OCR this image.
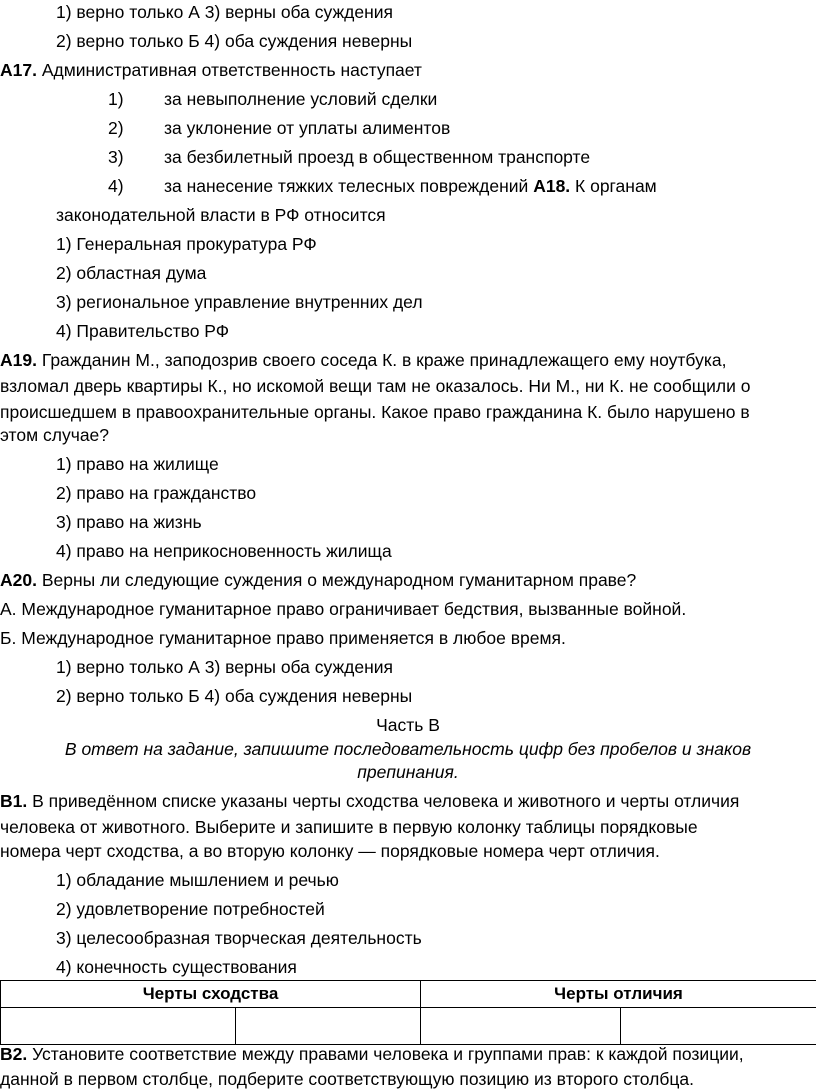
1) верно только А 3) верны оба суждения
2) верно только Б 4) оба суждения неверны
А17. Административная ответственность наступает
1) за невыполнение условий сделки
2) за уклонение от уплаты алиментов
3) за безбилетный проезд в общественном транспорте
4) за нанесение тяжких телесных повреждений А18. К органам
законодательной власти в РФ относится
1) Генеральная прокуратура РФ
2) областная дума
3) региональное управление внутренних дел
4) Правительство РФ
А19. Гражданин М., заподозрив своего соседа К. в краже принадлежащего ему ноутбука,
взломал дверь квартиры К., но искомой вещи там не оказалось. Ни М., ни К. не сообщили о
происшедшем в правоохранительные органы. Какое право гражданина К. было нарушено в
этом случае?
1) право на жилище
2) право на гражданство
3) право на жизнь
4) право на неприкосновенность жилища
А20. Верны ли следующие суждения о международном гуманитарном праве?
А. Международное гуманитарное право ограничивает бедствия, вызванные войной.
Б. Международное гуманитарное право применяется в любое время.
1) верно только А 3) верны оба суждения
2) верно только Б 4) оба суждения неверны
Часть В
В ответ на задание, запишите последовательность цифр без пробелов и знаков
препинания.
В1. В приведённом списке указаны черты сходства человека и животного и черты отличия
человека от животного. Выберите и запишите в первую колонку таблицы порядковые
номера черт сходства, а во вторую колонку — порядковые номера черт отличия.
1) обладание мышлением и речью
2) удовлетворение потребностей
3) целесообразная творческая деятельность
4) конечность существования
Черты сходства		Черты отличия	

В2. Установите соответствие между правами человека и группами прав: к каждой позиции,
данной в первом столбце, подберите соответствующую позицию из второго столбца.
